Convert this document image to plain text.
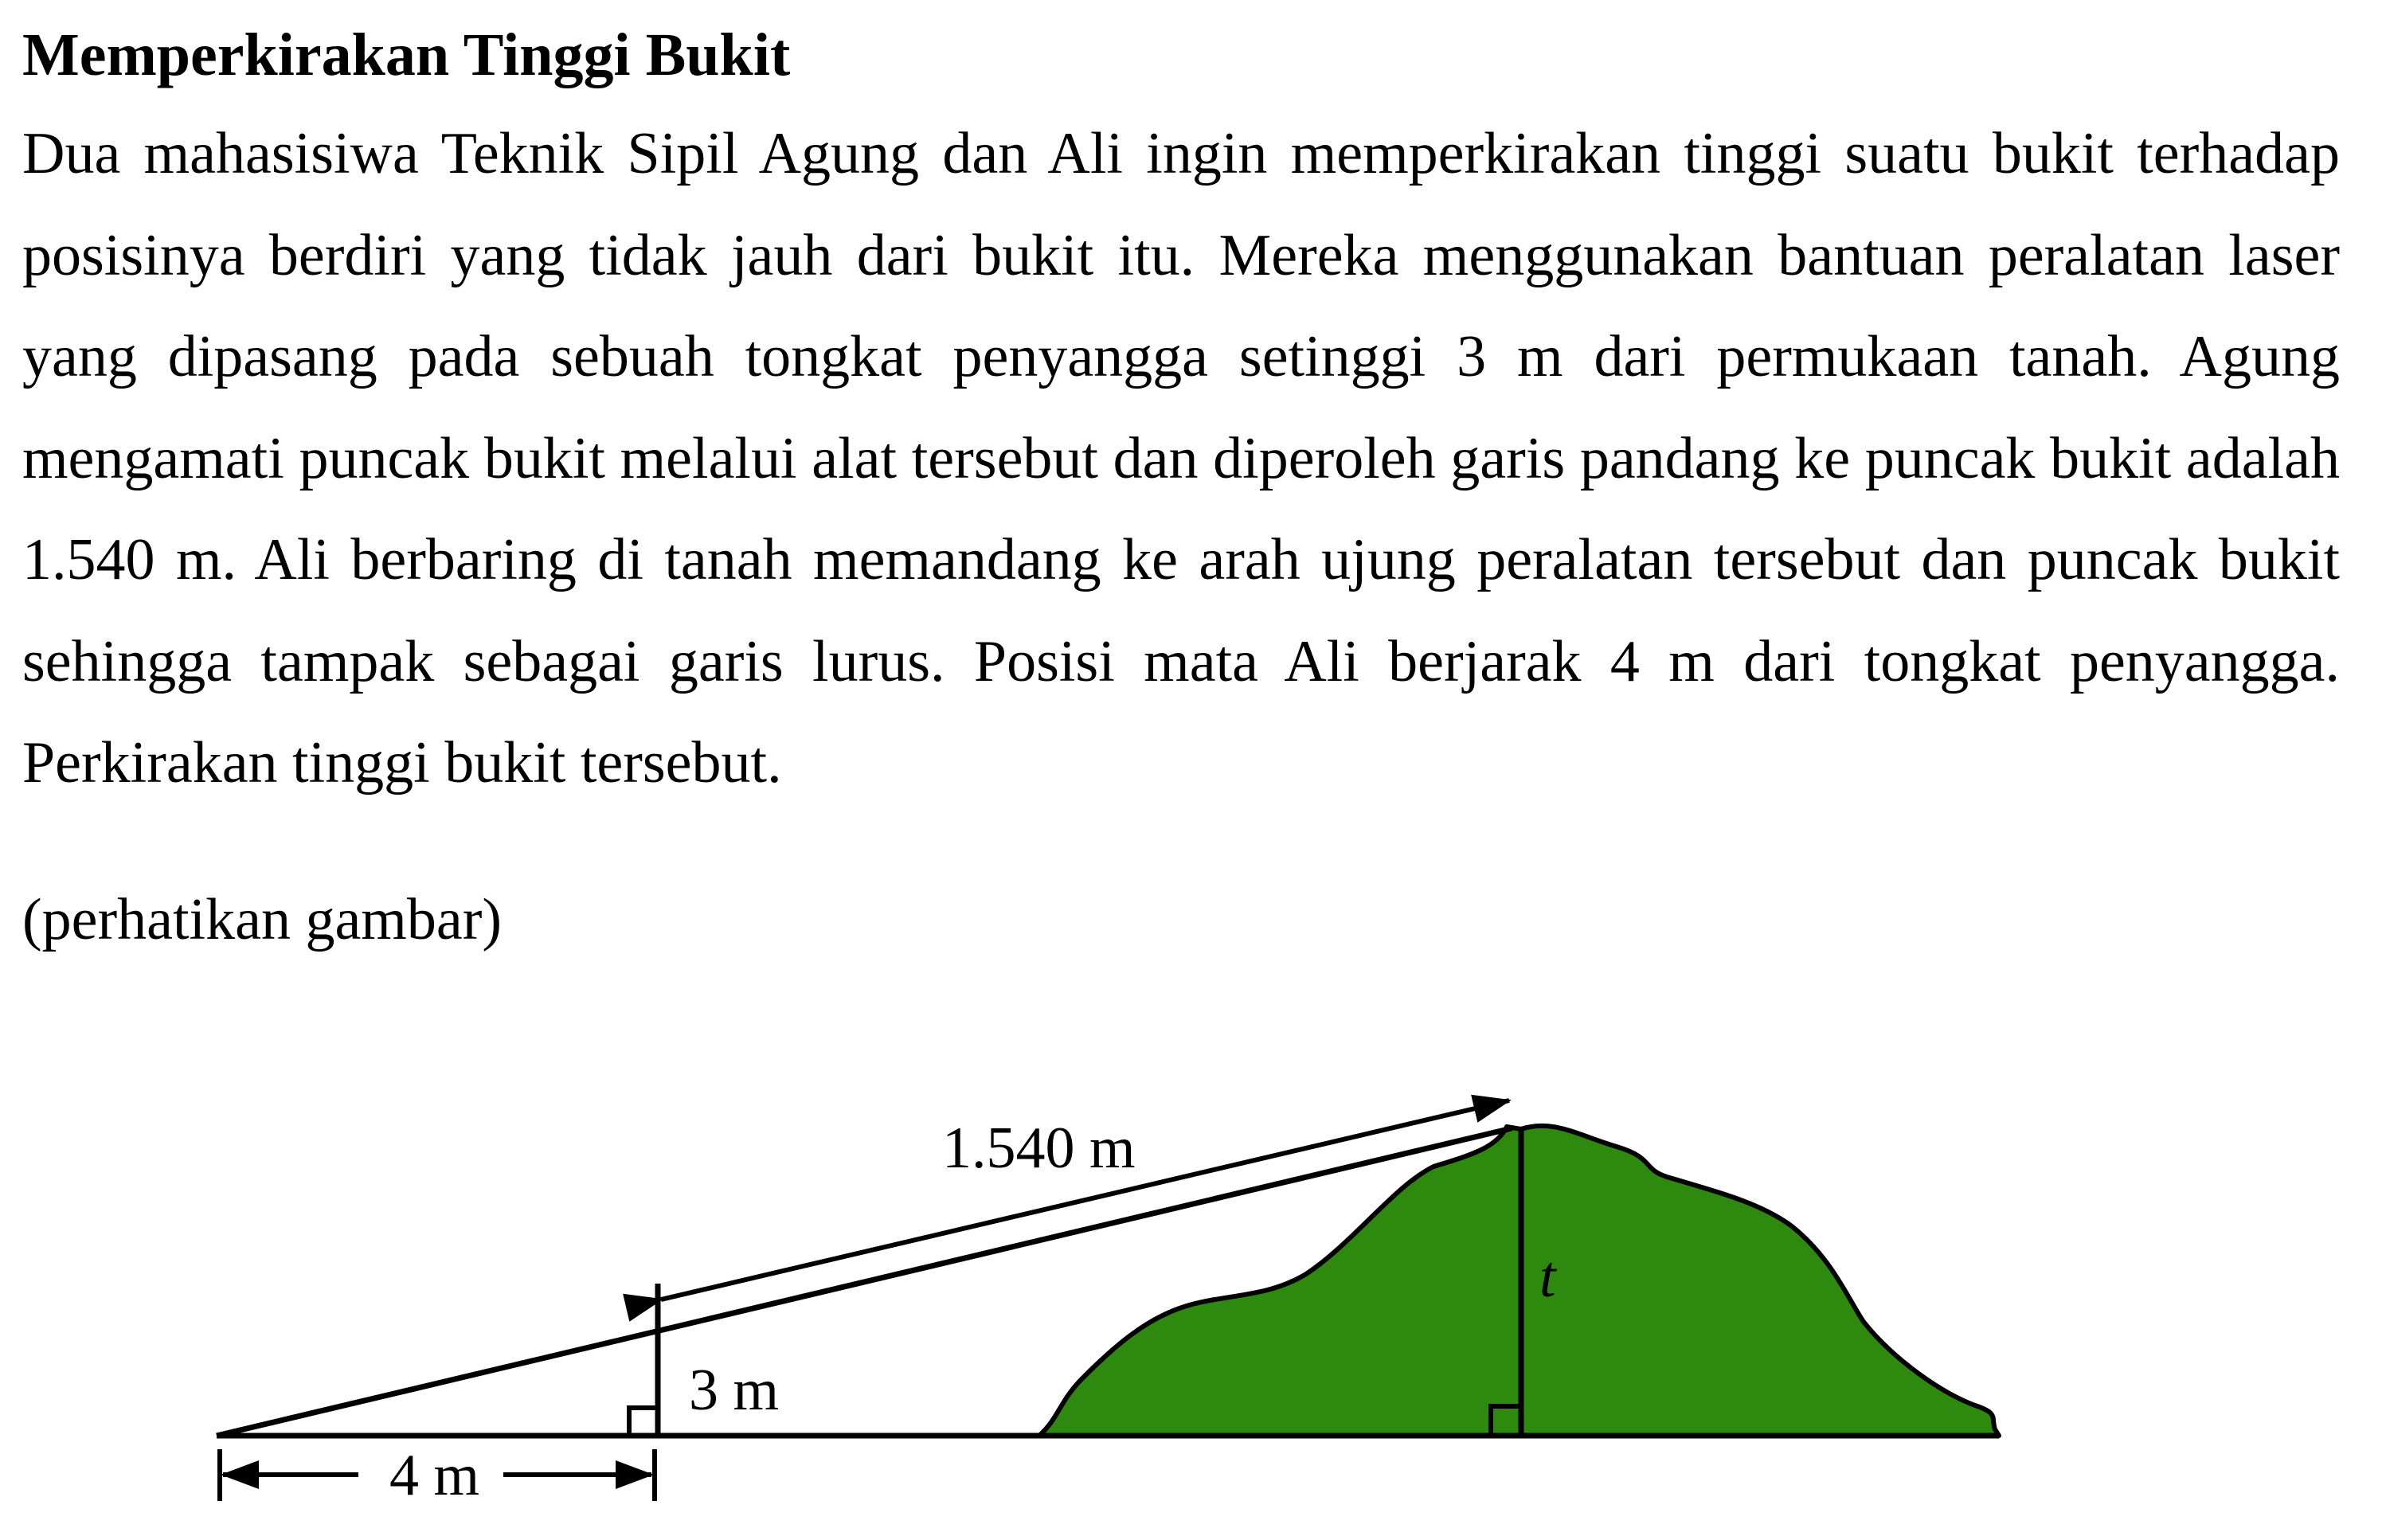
Memperkirakan Tinggi Bukit

Dua mahasisiwa Teknik Sipil Agung dan Ali ingin memperkirakan tinggi suatu bukit terhadap posisinya berdiri yang tidak jauh dari bukit itu. Mereka menggunakan bantuan peralatan laser yang dipasang pada sebuah tongkat penyangga setinggi 3 m dari permukaan tanah. Agung mengamati puncak bukit melalui alat tersebut dan diperoleh garis pandang ke puncak bukit adalah 1.540 m. Ali berbaring di tanah memandang ke arah ujung peralatan tersebut dan puncak bukit sehingga tampak sebagai garis lurus. Posisi mata Ali berjarak 4 m dari tongkat penyangga. Perkirakan tinggi bukit tersebut.

(perhatikan gambar)

1.540 m
3 m
t
4 m
